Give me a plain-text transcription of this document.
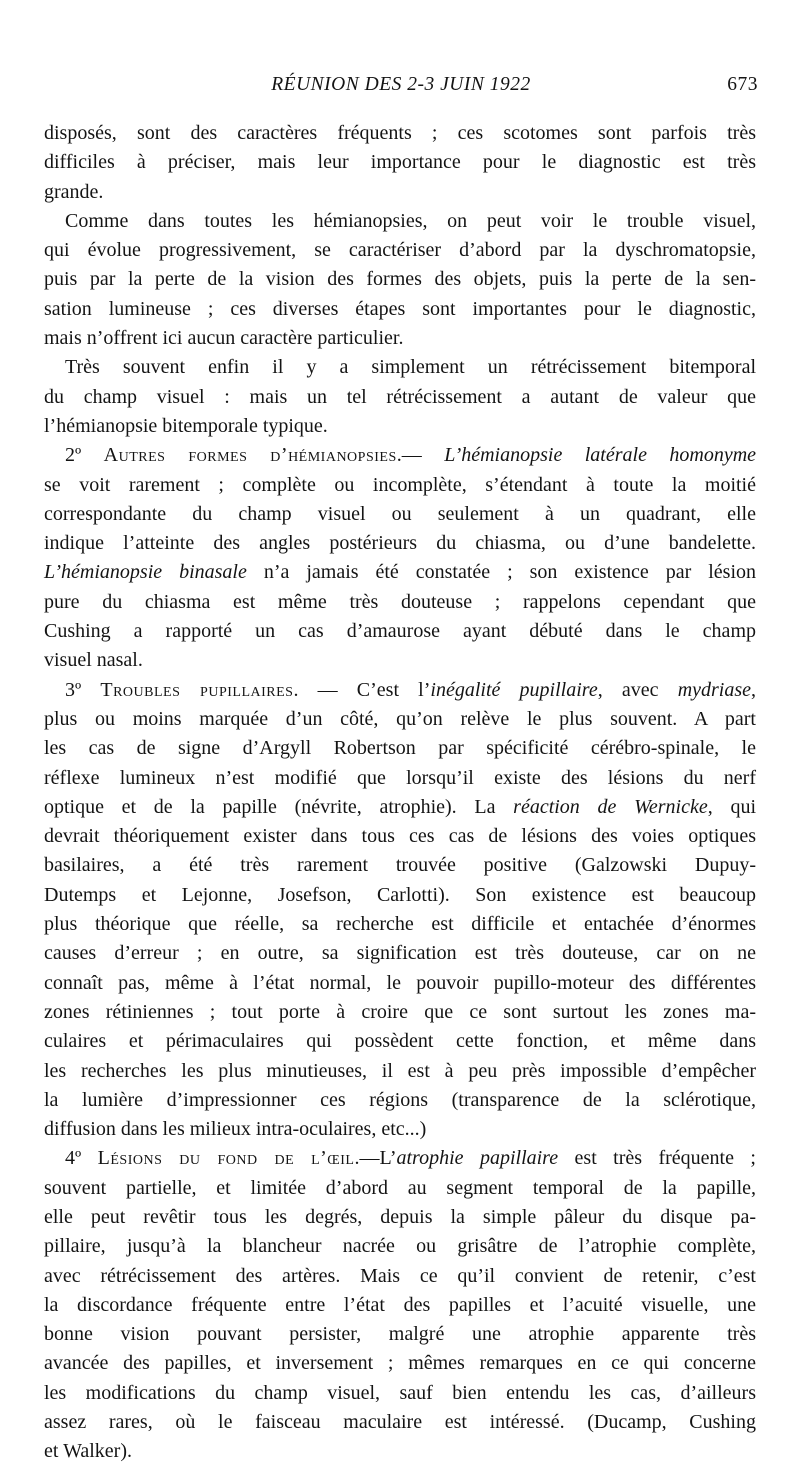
RÉUNION DES 2-3 JUIN 1922	673
disposés, sont des caractères fréquents ; ces scotomes sont parfois très
difficiles à préciser, mais leur importance pour le diagnostic est très
grande.
Comme dans toutes les hémianopsies, on peut voir le trouble visuel,
qui évolue progressivement, se caractériser d’abord par la dyschromatopsie,
puis par la perte de la vision des formes des objets, puis la perte de la sen-
sation lumineuse ; ces diverses étapes sont importantes pour le diagnostic,
mais n’offrent ici aucun caractère particulier.
Très souvent enfin il y a simplement un rétrécissement bitemporal
du champ visuel : mais un tel rétrécissement a autant de valeur que
l’hémianopsie bitemporale typique.
2º Autres formes d’hémianopsies.— L’hémianopsie latérale homonyme
se voit rarement ; complète ou incomplète, s’étendant à toute la moitié
correspondante du champ visuel ou seulement à un quadrant, elle
indique l’atteinte des angles postérieurs du chiasma, ou d’une bandelette.
L’hémianopsie binasale n’a jamais été constatée ; son existence par lésion
pure du chiasma est même très douteuse ; rappelons cependant que
Cushing a rapporté un cas d’amaurose ayant débuté dans le champ
visuel nasal.
3º Troubles pupillaires. — C’est l’inégalité pupillaire, avec mydriase,
plus ou moins marquée d’un côté, qu’on relève le plus souvent. A part
les cas de signe d’Argyll Robertson par spécificité cérébro-spinale, le
réflexe lumineux n’est modifié que lorsqu’il existe des lésions du nerf
optique et de la papille (névrite, atrophie). La réaction de Wernicke, qui
devrait théoriquement exister dans tous ces cas de lésions des voies optiques
basilaires, a été très rarement trouvée positive (Galzowski Dupuy-
Dutemps et Lejonne, Josefson, Carlotti). Son existence est beaucoup
plus théorique que réelle, sa recherche est difficile et entachée d’énormes
causes d’erreur ; en outre, sa signification est très douteuse, car on ne
connaît pas, même à l’état normal, le pouvoir pupillo-moteur des différentes
zones rétiniennes ; tout porte à croire que ce sont surtout les zones ma-
culaires et périmaculaires qui possèdent cette fonction, et même dans
les recherches les plus minutieuses, il est à peu près impossible d’empêcher
la lumière d’impressionner ces régions (transparence de la sclérotique,
diffusion dans les milieux intra-oculaires, etc...)
4º Lésions du fond de l’œil.—L’atrophie papillaire est très fréquente ;
souvent partielle, et limitée d’abord au segment temporal de la papille,
elle peut revêtir tous les degrés, depuis la simple pâleur du disque pa-
pillaire, jusqu’à la blancheur nacrée ou grisâtre de l’atrophie complète,
avec rétrécissement des artères. Mais ce qu’il convient de retenir, c’est
la discordance fréquente entre l’état des papilles et l’acuité visuelle, une
bonne vision pouvant persister, malgré une atrophie apparente très
avancée des papilles, et inversement ; mêmes remarques en ce qui concerne
les modifications du champ visuel, sauf bien entendu les cas, d’ailleurs
assez rares, où le faisceau maculaire est intéressé. (Ducamp, Cushing
et Walker).
